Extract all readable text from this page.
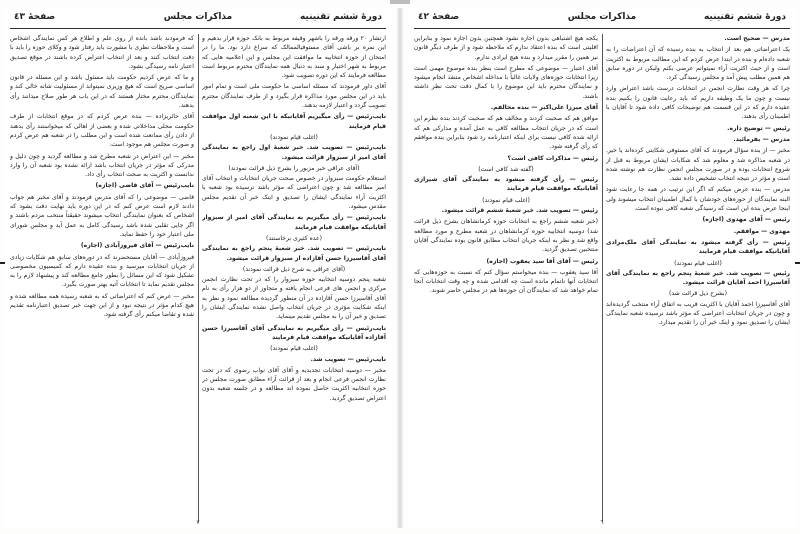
دورهٔ ششم تقنینیه
مذاکرات مجلس
صفحهٔ ٤٣

ارتشار ۲۰ ورقه ورقه را باشهر وقیفه مربوط به بانک حوزه قرار بدهیم و این نمره بر باشی آقای مستوفیالممالک که سراغ دارد بود. ما را در امتحان از حوزه انتخابیه ما موافقت این مجلس و این اعلامیه هایی که مربوط به شهر اختیار و سند به دنبال همه نمایندگان محترم مربوط است مطالعه فرمایند که این دوره تصویب شود.

آقای داور فرمودند که مسئله اساسی ما حکومت ملی است و تمام امور باید در این مجلس مورد مذاکره قرار بگیرد و از طرف نمایندگان محترم تصویب گردد و اعتبار لازمه بدهند.

نایب‌رئیس — رأی میگیریم آقایانیکه با این شعبه اول موافقت قیام فرمایند

(اغلب قیام نمودند)

نایب‌رئیس — تصویب شد. خبر شعبهٔ اول راجع به نمایندگی آقای امیر از سبزوار قرائت میشود.

(آقای عراقی خبر مزبور را بشرح ذیل قرائت نمودند)

استعلام حکومت سبزوار در خصوص صحت جریان انتخابات و انتخاب آقای امیر مطالعه شد و چون اعتراضی که مؤثر باشد نرسیده بود شعبه با اکثریت آراء نمایندگی ایشان را تصدیق و اینک خبر آن تقدیم مجلس مقدس میشود.

نایب‌رئیس — رأی میگیریم به نمایندگی آقای امیر از سبزوار آقایانیکه موافقت قیام فرمایند

(عده کثیری برخاستند)

نایب‌رئیس — تصویب شد. خبر شعبهٔ پنجم راجع به نمایندگی آقای آقاسیرزا حسن آقازاده از سبزوار قرائت میشود.

(آقای عراقی به شرح ذیل قرائت نمودند)

شعبه پنجم دوسیه انتخابیه حوزه سبزوار را که در تحت نظارت انجمن مرکزی و انجمن های فرعی انجام یافته و متجاوز از دو هزار رأی به نام آقای آقاسیرزا حسن آقازاده در آن منظور گردیده مطالعه نمود و نظر به اینکه شکایت مؤثری در جریان انتخاب واصل نشده نمایندگی ایشان را تصدیق و خبر آن را به مجلس تقدیم مینماید.

نایب‌رئیس — رأی میگیریم به نمایندگی آقای آقاسیرزا حسن آقازاده آقایانیکه موافقت قیام فرمایند

(اغلب قیام نمودند)

نایب‌رئیس — تصویب شد.

مخبر — دوسیه انتخابات تجدیدیه و آقای آقای نواب رضوی که در تحت نظارت انجمن فرعی انجام و بعد از قرائت آراء مطابق صورت مجلس در حوزه انتخابیه اکثریت حاصل نموده اند مطالعه و در جلسه شعبه بدون اعتراض تصدیق گردید.

که فرمودند باشد بانده از روی علم و اطلاع هر کس نمایندگی اشخاص است و ملاحظات نظری با مشورت باید رفتار شود و وکلای حوزه را باید با دقت انتخاب کنند و بعد از انتخاب اعتراض کرده باشند در موقع تصدیق اعتبار نامه رسیدگی بشود.

و ما که عرض کردیم حکومت باید مسئول باشد و این مسئله در قانون اساسی صریح است که هیچ وزیری نمیتواند از مسئولیت شانه خالی کند و نمایندگان محترم مختار هستند که در این باب هر طور صلاح میدانند رأی بدهند.

آقای حائریزاده — بنده عرض کردم که در موقع انتخابات از طرف حکومت محلی مداخلاتی شده و بعضی از اهالی که میخواستند رأی بدهند از دادن رأی ممانعت شده است و این مطلب را در شعبه هم عرض کردم و صورت مجلس هم موجود است.

مخبر — این اعتراض در شعبه مطرح شد و مطالعه گردید و چون دلیل و مدرکی که مؤثر در جریان انتخاب باشد ارائه نشده بود شعبه آن را وارد ندانست و اکثریت به صحت انتخاب رأی داد.

نایب‌رئیس — آقای قاضی (اجازه)

قاضی — موضوعی را که آقای مدرس فرمودند و آقای مخبر هم جواب دادند لازم است عرض کنم که در این دوره باید نهایت دقت بشود که اشخاص که بعنوان نمایندگی انتخاب میشوند حقیقتاً منتخب مردم باشند و اگر جایی تقلبی شده باشد رسیدگی کامل به عمل آید و مجلس شورای ملی اعتبار خود را حفظ نماید.

نایب‌رئیس — آقای فیروزآبادی (اجازه)

فیروزآبادی — آقایان مستحضرند که در دوره‌های سابق هم شکایات زیادی از جریان انتخابات میرسید و بنده عقیده دارم که کمیسیون مخصوصی تشکیل شود که این مسائل را بطور جامع مطالعه کند و پیشنهاد لازم را به مجلس تقدیم نماید تا انتخابات آتیه بهتر صورت بگیرد.

مخبر — عرض کنم که اعتراضاتی که به شعبه رسیده همه مطالعه شده و هیچ کدام مؤثر در نتیجه نبود و از این جهت خبر تصدیق اعتبارنامه تقدیم شده و تقاضا میکنم رأی گرفته شود.

٧
دورهٔ ششم تقنینیه
مذاکرات مجلس
صفحهٔ ٤٢

مدرس — صحیح است.

یک اعتراضاتی هم بعد از انتخاب به بنده رسیده که آن اعتراضات را به شعبه داده‌ام و بنده در ابتدا عرض کردم که این مطالب مربوط به اکثریت است و از حیث اکثریت آراء نمیتوانم عرضی بکنم ولیکن در دوره سابق هم همین مطلب پیش آمد و مجلس رسیدگی کرد.

چرا که هر وقت نظارت انجمن در انتخابات درست باشد اعتراض وارد نیست و چون ما یک وظیفه داریم که باید رعایت قانون را بکنیم بنده عقیده دارم که در این قسمت هم توضیحات کافی داده شود تا آقایان با اطمینان رأی بدهند.

رئیس — توضیح داره.

مدرس — بفرمائید.

مخبر — از بنده سؤال فرمودند که آقای مستوفی شکایتی کرده‌اند یا خیر. در شعبه مذاکره شد و معلوم شد که شکایات ایشان مربوط به قبل از شروع انتخابات بوده و در صورت مجلس انجمن نظارت هم نوشته شده است و مؤثر در نتیجه انتخاب تشخیص داده نشد.

مدرس — بنده عرض میکنم که اگر این ترتیب در همه جا رعایت شود البته نمایندگان از حوزه‌های خودشان با کمال اطمینان انتخاب میشوند ولی اینجا عرض بنده این است که رسیدگی شعبه کافی نبوده است.

رئیس — آقای مهدوی (اجازه)

مهدوی — موافقم.

رئیس — رأی گرفته میشود به نمایندگی آقای ملک‌مرادی آقایانیکه موافقت قیام فرمایند

(اغلب قیام نمودند)

رئیس — تصویب شد. خبر شعبهٔ پنجم راجع به نمایندگی آقای آقاسیرزا احمد آقایان قرائت میشود.

(بشرح ذیل قرائت شد)

آقای آقاسیرزا احمد آقایان با اکثریت قریب به اتفاق آراء منتخب گردیده‌اند و چون در جریان انتخابات اعتراضی که مؤثر باشد نرسیده شعبه نمایندگی ایشان را تصدیق نمود و اینک خبر آن را تقدیم میدارد.

یکجه هیچ اشتباهی بدون اجازه نشود همچنین بدون اجازه نمود و بنابراین اقلیتی است که بنده اعتقاد ندارم که ملاحظه شود و از طرف دیگر قانون نیز همین را مقرر میدارد و بنده هیچ ایرادی ندارم.

آقای اعتبار — موضوعی که مطرح است بنظر بنده موضوع مهمی است زیرا انتخابات حوزه‌های ولایات غالباً با مداخله اشخاص متنفذ انجام میشود و نمایندگان محترم باید این موضوع را با کمال دقت تحت نظر داشته باشند.

آقای میرزا علی‌اکبر — بنده مخالفم.

موافق هم که صحبت کردند و مخالف هم که صحبت کردند بنده نظرم این است که در جریان انتخاب مطالعه کافی به عمل آمده و مدارکی هم که ارائه شده کافی نیست برای اینکه اعتبارنامه رد شود بنابراین بنده موافقم که رأی گرفته شود.

رئیس — مذاکرات کافی است؟

(گفته شد کافی است)

رئیس — رأی گرفته میشود به نمایندگی آقای شیرازی آقایانیکه موافقت قیام فرمایند

(اغلب قیام نمودند)

رئیس — تصویب شد. خبر شعبهٔ ششم قرائت میشود.

(خبر شعبه ششم راجع به انتخابات حوزه کرمانشاهان بشرح ذیل قرائت شد) دوسیه انتخابیه حوزه کرمانشاهان در شعبه مطرح و مورد مطالعه واقع شد و نظر به اینکه جریان انتخاب مطابق قانون بوده نمایندگی آقایان منتخبین تصدیق گردید.

رئیس — آقای آقا سید یعقوب (اجازه)

آقا سید یعقوب — بنده میخواستم سؤال کنم که نسبت به حوزه‌هایی که انتخابات آنها ناتمام مانده است چه اقدامی شده و چه وقت انتخابات آنجا تمام خواهد شد که نمایندگان آن حوزه‌ها هم در مجلس حاضر شوند.

٦
